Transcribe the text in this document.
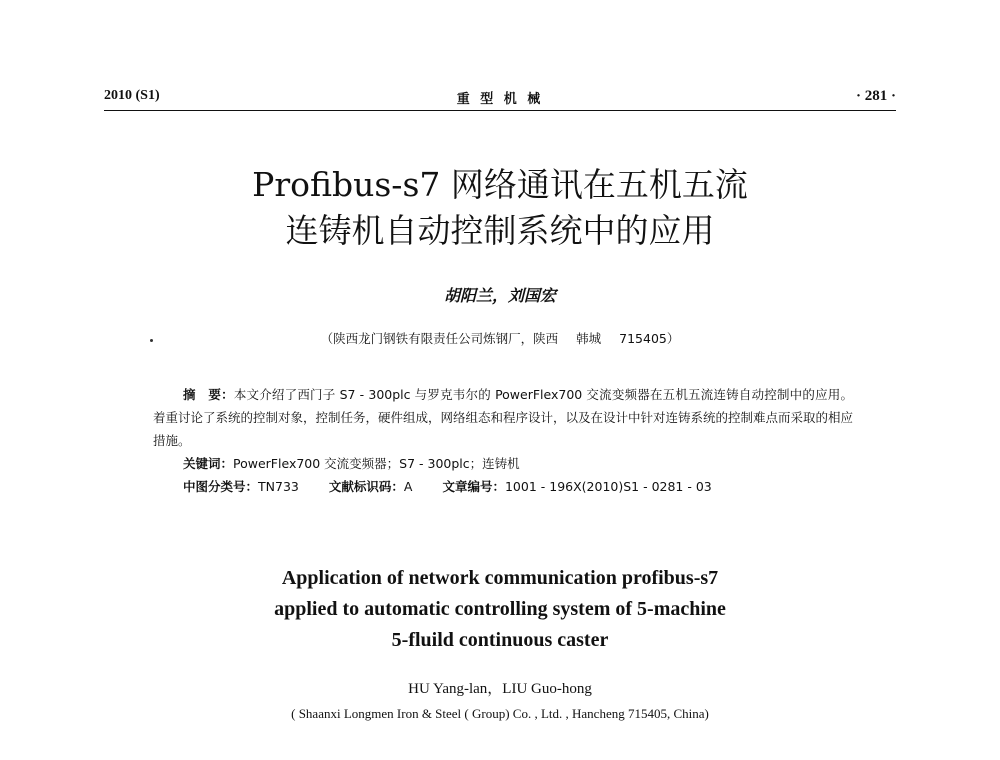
2010 (S1)	重 型 机 械	· 281 ·
Profibus-s7 网络通讯在五机五流
连铸机自动控制系统中的应用
胡阳兰，刘国宏
（陕西龙门钢铁有限责任公司炼钢厂，陕西 韩城 715405）

摘　要：本文介绍了西门子 S7 - 300plc 与罗克韦尔的 PowerFlex700 交流变频器在五机五流连铸自动控制中的应用。着重讨论了系统的控制对象，控制任务，硬件组成，网络组态和程序设计，以及在设计中针对连铸系统的控制难点而采取的相应措施。

关键词：PowerFlex700 交流变频器；S7 - 300plc；连铸机
中图分类号：TN733 文献标识码：A 文章编号：1001 - 196X(2010)S1 - 0281 - 03
Application of network communication profibus-s7
applied to automatic controlling system of 5-machine
5-fluild continuous caster
HU Yang-lan，LIU Guo-hong
( Shaanxi Longmen Iron & Steel ( Group) Co. , Ltd. , Hancheng 715405, China)
